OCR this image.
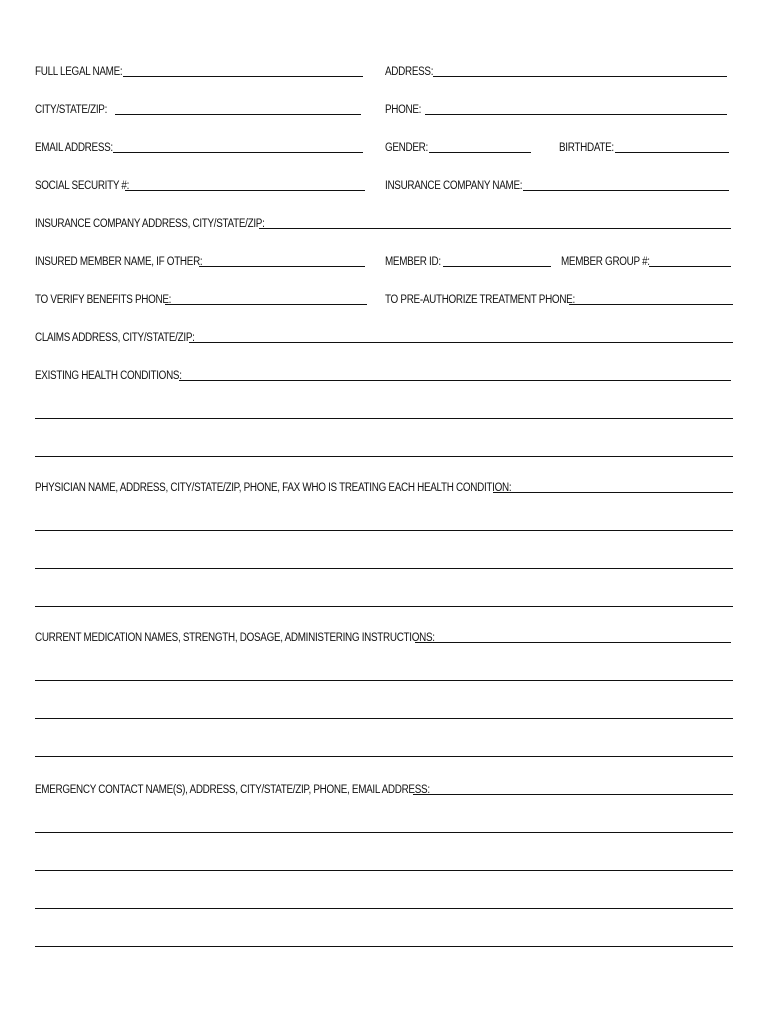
FULL LEGAL NAME:	ADDRESS:
CITY/STATE/ZIP:	PHONE:
EMAIL ADDRESS:	GENDER:	BIRTHDATE:
SOCIAL SECURITY #:	INSURANCE COMPANY NAME:
INSURANCE COMPANY ADDRESS, CITY/STATE/ZIP:
INSURED MEMBER NAME, IF OTHER:	MEMBER ID:	MEMBER GROUP #:
TO VERIFY BENEFITS PHONE:	TO PRE-AUTHORIZE TREATMENT PHONE:
CLAIMS ADDRESS, CITY/STATE/ZIP:
EXISTING HEALTH CONDITIONS:
PHYSICIAN NAME, ADDRESS, CITY/STATE/ZIP, PHONE, FAX WHO IS TREATING EACH HEALTH CONDITION:
CURRENT MEDICATION NAMES, STRENGTH, DOSAGE, ADMINISTERING INSTRUCTIONS:
EMERGENCY CONTACT NAME(S), ADDRESS, CITY/STATE/ZIP, PHONE, EMAIL ADDRESS:
